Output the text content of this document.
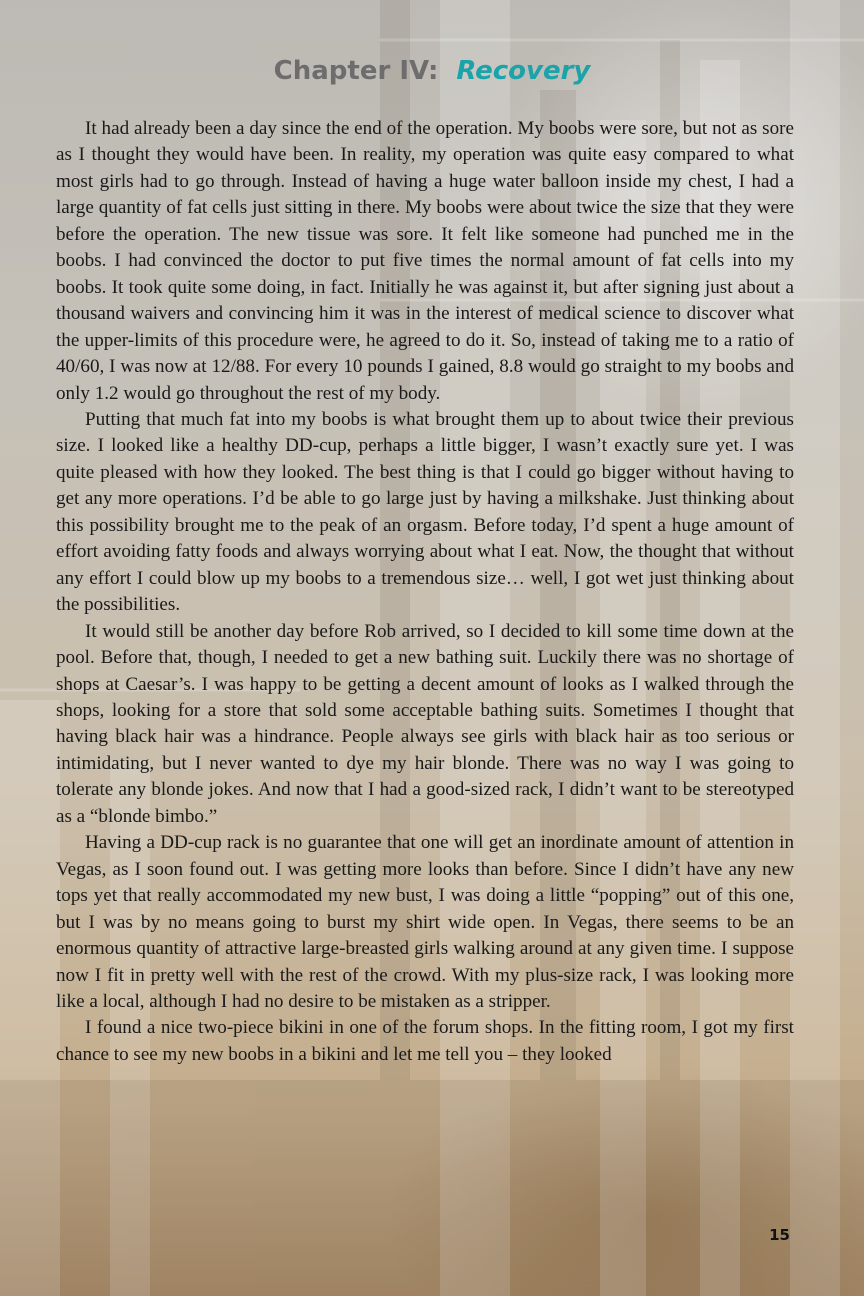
Chapter IV: Recovery

It had already been a day since the end of the operation. My boobs were sore, but not as sore as I thought they would have been. In reality, my operation was quite easy compared to what most girls had to go through. Instead of having a huge water balloon inside my chest, I had a large quantity of fat cells just sitting in there. My boobs were about twice the size that they were before the operation. The new tissue was sore. It felt like someone had punched me in the boobs. I had convinced the doctor to put five times the normal amount of fat cells into my boobs. It took quite some doing, in fact. Initially he was against it, but after signing just about a thousand waivers and convincing him it was in the interest of medical science to discover what the upper-limits of this procedure were, he agreed to do it. So, instead of taking me to a ratio of 40/60, I was now at 12/88. For every 10 pounds I gained, 8.8 would go straight to my boobs and only 1.2 would go throughout the rest of my body.

Putting that much fat into my boobs is what brought them up to about twice their previous size. I looked like a healthy DD-cup, perhaps a little bigger, I wasn’t exactly sure yet. I was quite pleased with how they looked. The best thing is that I could go bigger without having to get any more operations. I’d be able to go large just by having a milkshake. Just thinking about this possibility brought me to the peak of an orgasm. Before today, I’d spent a huge amount of effort avoiding fatty foods and always worrying about what I eat. Now, the thought that without any effort I could blow up my boobs to a tremendous size… well, I got wet just thinking about the possibilities.

It would still be another day before Rob arrived, so I decided to kill some time down at the pool. Before that, though, I needed to get a new bathing suit. Luckily there was no shortage of shops at Caesar’s. I was happy to be getting a decent amount of looks as I walked through the shops, looking for a store that sold some acceptable bathing suits. Sometimes I thought that having black hair was a hindrance. People always see girls with black hair as too serious or intimidating, but I never wanted to dye my hair blonde. There was no way I was going to tolerate any blonde jokes. And now that I had a good-sized rack, I didn’t want to be stereotyped as a “blonde bimbo.”

Having a DD-cup rack is no guarantee that one will get an inordinate amount of attention in Vegas, as I soon found out. I was getting more looks than before. Since I didn’t have any new tops yet that really accommodated my new bust, I was doing a little “popping” out of this one, but I was by no means going to burst my shirt wide open. In Vegas, there seems to be an enormous quantity of attractive large-breasted girls walking around at any given time. I suppose now I fit in pretty well with the rest of the crowd. With my plus-size rack, I was looking more like a local, although I had no desire to be mistaken as a stripper.

I found a nice two-piece bikini in one of the forum shops. In the fitting room, I got my first chance to see my new boobs in a bikini and let me tell you – they looked

15
